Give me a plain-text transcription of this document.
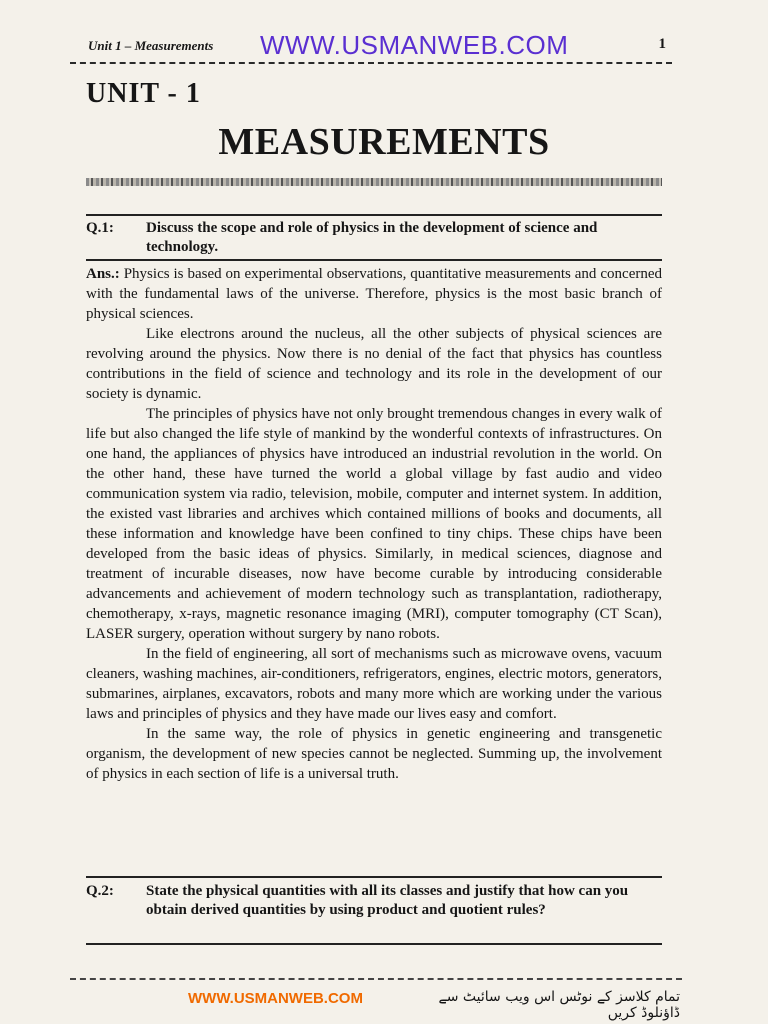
Unit 1 – Measurements WWW.USMANWEB.COM	1
UNIT - 1
MEASUREMENTS
Q.1: Discuss the scope and role of physics in the development of science and technology.

Ans.: Physics is based on experimental observations, quantitative measurements and concerned with the fundamental laws of the universe. Therefore, physics is the most basic branch of physical sciences.

Like electrons around the nucleus, all the other subjects of physical sciences are revolving around the physics. Now there is no denial of the fact that physics has countless contributions in the field of science and technology and its role in the development of our society is dynamic.

The principles of physics have not only brought tremendous changes in every walk of life but also changed the life style of mankind by the wonderful contexts of infrastructures. On one hand, the appliances of physics have introduced an industrial revolution in the world. On the other hand, these have turned the world a global village by fast audio and video communication system via radio, television, mobile, computer and internet system. In addition, the existed vast libraries and archives which contained millions of books and documents, all these information and knowledge have been confined to tiny chips. These chips have been developed from the basic ideas of physics. Similarly, in medical sciences, diagnose and treatment of incurable diseases, now have become curable by introducing considerable advancements and achievement of modern technology such as transplantation, radiotherapy, chemotherapy, x-rays, magnetic resonance imaging (MRI), computer tomography (CT Scan), LASER surgery, operation without surgery by nano robots.

In the field of engineering, all sort of mechanisms such as microwave ovens, vacuum cleaners, washing machines, air-conditioners, refrigerators, engines, electric motors, generators, submarines, airplanes, excavators, robots and many more which are working under the various laws and principles of physics and they have made our lives easy and comfort.

In the same way, the role of physics in genetic engineering and transgenetic organism, the development of new species cannot be neglected. Summing up, the involvement of physics in each section of life is a universal truth.

Q.2: State the physical quantities with all its classes and justify that how can you obtain derived quantities by using product and quotient rules?
WWW.USMANWEB.COM	تمام کلاسز کے نوٹس اس ویب سائیٹ سے ڈاؤنلوڈ کریں
